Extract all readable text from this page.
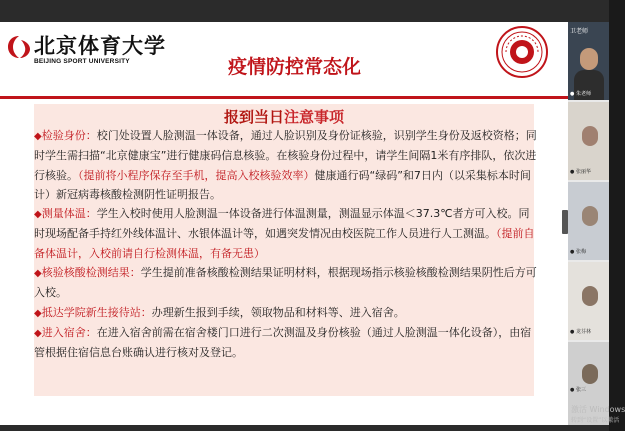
北京体育大学
BEIJING SPORT UNIVERSITY	疫情防控常态化
报到当日注意事项

◆检验身份：校门处设置人脸测温一体设备，通过人脸识别及身份证核验，识别学生身份及返校资格；同时学生需扫描“北京健康宝”进行健康码信息核验。在核验身份过程中，请学生间隔1米有序排队，依次进行核验。（提前将小程序保存至手机，提高入校核验效率）健康通行码“绿码”和7日内（以采集标本时间计）新冠病毒核酸检测阴性证明报告。

◆测量体温：学生入校时使用人脸测温一体设备进行体温测量，测温显示体温＜37.3℃者方可入校。同时现场配备手持红外线体温计、水银体温计等，如遇突发情况由校医院工作人员进行人工测温。（提前自备体温计，入校前请自行检测体温，有备无患）

◆核验核酸检测结果：学生提前准备核酸检测结果证明材料，根据现场指示核验核酸检测结果阴性后方可入校。

◆抵达学院新生接待站：办理新生报到手续，领取物品和材料等、进入宿舍。

◆进入宿舍：在进入宿舍前需在宿舍楼门口进行二次测温及身份核验（通过人脸测温一体化设备），由宿管根据住宿信息台账确认进行核对及登记。

卫老师
● 朱老师
● 张丽华
● 张梅
● 龙芬林
● 张三
激活 Windows
转到“设置”以激活
